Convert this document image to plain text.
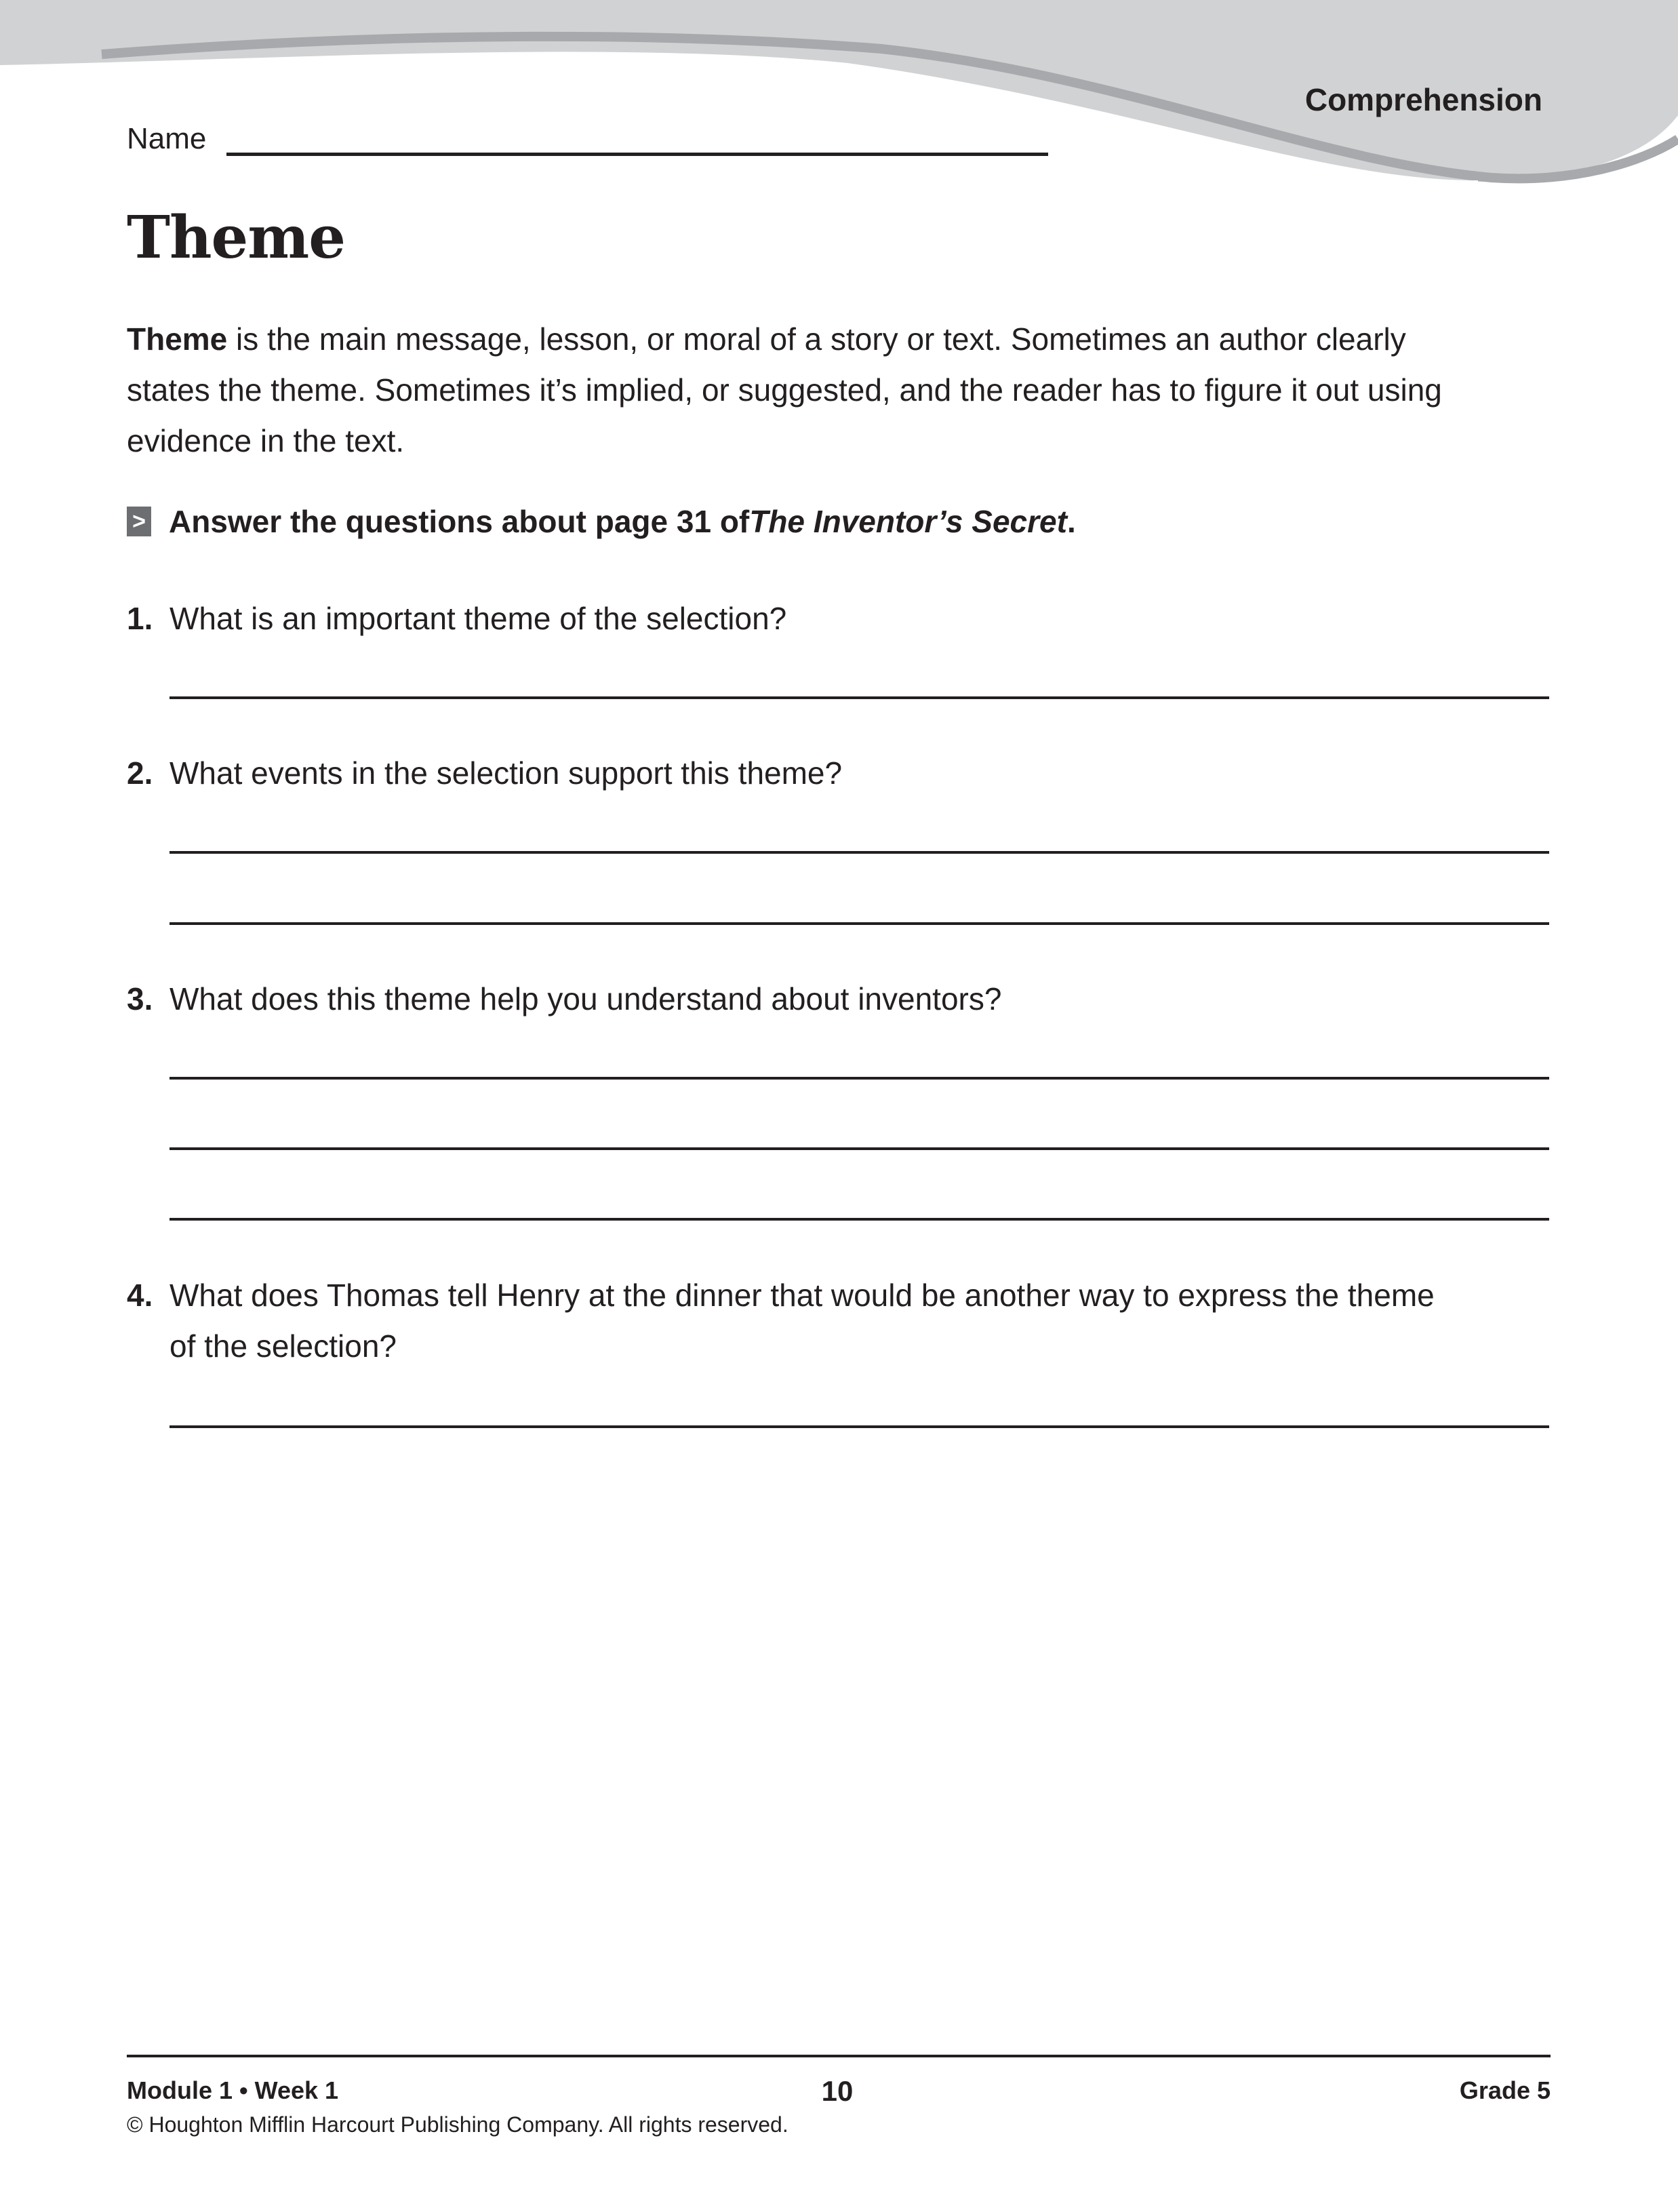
Comprehension
Name
Theme
Theme is the main message, lesson, or moral of a story or text. Sometimes an author clearly states the theme. Sometimes it’s implied, or suggested, and the reader has to figure it out using evidence in the text.
> Answer the questions about page 31 of The Inventor’s Secret .
1. What is an important theme of the selection?
2. What events in the selection support this theme?
3. What does this theme help you understand about inventors?
4. What does Thomas tell Henry at the dinner that would be another way to express the theme of the selection?
Module 1 • Week 1	10	Grade 5
© Houghton Mifflin Harcourt Publishing Company. All rights reserved.
